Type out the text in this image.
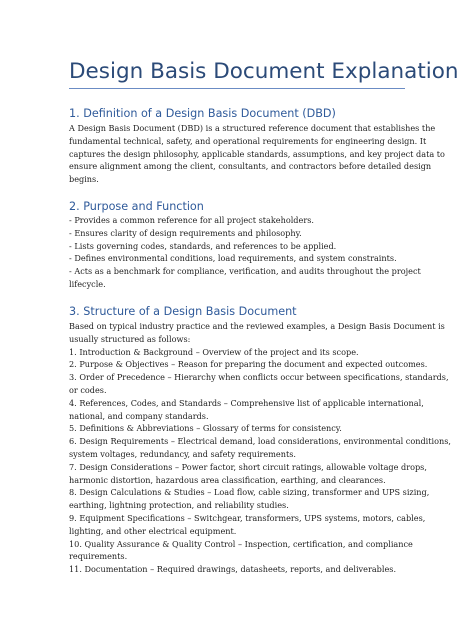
Design Basis Document Explanation
1. Definition of a Design Basis Document (DBD)
A Design Basis Document (DBD) is a structured reference document that establishes the
fundamental technical, safety, and operational requirements for engineering design. It
captures the design philosophy, applicable standards, assumptions, and key project data to
ensure alignment among the client, consultants, and contractors before detailed design
begins.
2. Purpose and Function
- Provides a common reference for all project stakeholders.
- Ensures clarity of design requirements and philosophy.
- Lists governing codes, standards, and references to be applied.
- Defines environmental conditions, load requirements, and system constraints.
- Acts as a benchmark for compliance, verification, and audits throughout the project
lifecycle.
3. Structure of a Design Basis Document
Based on typical industry practice and the reviewed examples, a Design Basis Document is
usually structured as follows:
1. Introduction & Background – Overview of the project and its scope.
2. Purpose & Objectives – Reason for preparing the document and expected outcomes.
3. Order of Precedence – Hierarchy when conflicts occur between specifications, standards,
or codes.
4. References, Codes, and Standards – Comprehensive list of applicable international,
national, and company standards.
5. Definitions & Abbreviations – Glossary of terms for consistency.
6. Design Requirements – Electrical demand, load considerations, environmental conditions,
system voltages, redundancy, and safety requirements.
7. Design Considerations – Power factor, short circuit ratings, allowable voltage drops,
harmonic distortion, hazardous area classification, earthing, and clearances.
8. Design Calculations & Studies – Load flow, cable sizing, transformer and UPS sizing,
earthing, lightning protection, and reliability studies.
9. Equipment Specifications – Switchgear, transformers, UPS systems, motors, cables,
lighting, and other electrical equipment.
10. Quality Assurance & Quality Control – Inspection, certification, and compliance
requirements.
11. Documentation – Required drawings, datasheets, reports, and deliverables.
